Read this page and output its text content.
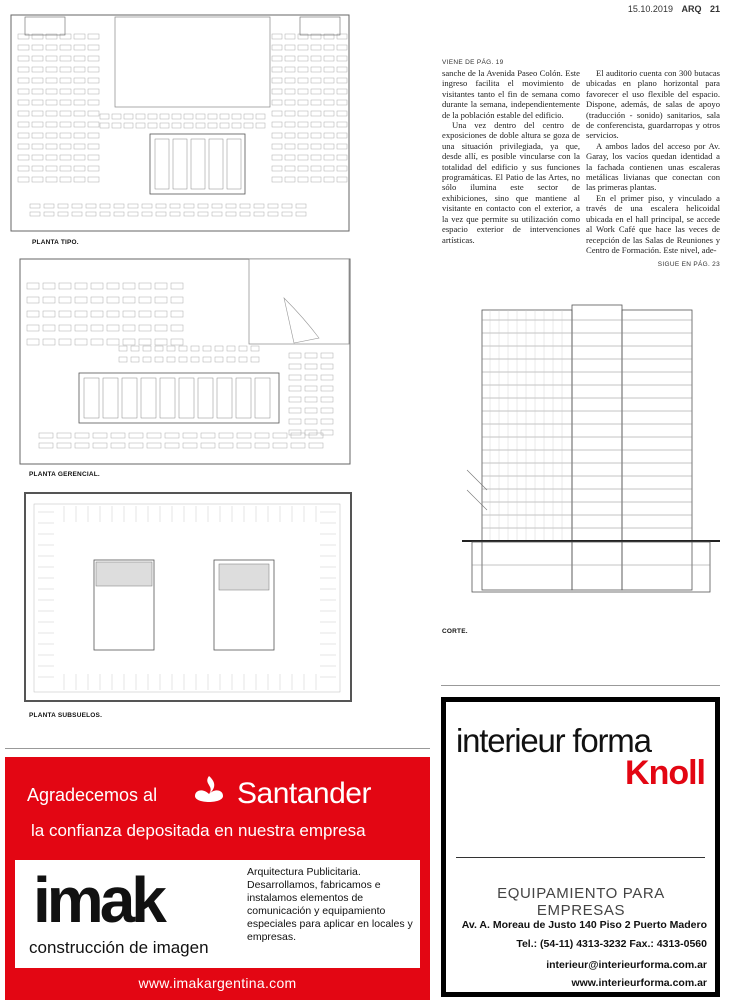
15.10.2019 ARQ 21
PLANTA TIPO.
PLANTA GERENCIAL.
PLANTA SUBSUELOS.
VIENE DE PÁG. 19

sanche de la Avenida Paseo Colón. Este ingreso facilita el movimiento de visitantes tanto el fin de semana como durante la semana, independientemente de la población estable del edificio.

Una vez dentro del centro de exposiciones de doble altura se goza de una situación privilegiada, ya que, desde allí, es posible vincularse con la totalidad del edificio y sus funciones programáticas. El Patio de las Artes, no sólo ilumina este sector de exhibiciones, sino que mantiene al visitante en contacto con el exterior, a la vez que permite su utilización como espacio exterior de intervenciones artísticas.

El auditorio cuenta con 300 butacas ubicadas en plano horizontal para favorecer el uso flexible del espacio. Dispone, además, de salas de apoyo (traducción - sonido) sanitarios, sala de conferencista, guardarropas y otros servicios.

A ambos lados del acceso por Av. Garay, los vacíos quedan identidad a la fachada contienen unas escaleras metálicas livianas que conectan con las primeras plantas.

En el primer piso, y vinculado a través de una escalera helicoidal ubicada en el hall principal, se accede al Work Café que hace las veces de recepción de las Salas de Reuniones y Centro de Formación. Este nivel, ade-

SIGUE EN PÁG. 23
CORTE.
Agradecemos al	Santander
la confianza depositada en nuestra empresa
imak
construcción de imagen
Arquitectura Publicitaria. Desarrollamos, fabricamos e instalamos elementos de comunicación y equipamiento especiales para aplicar en locales y empresas.
www.imakargentina.com
interieur forma
Knoll
EQUIPAMIENTO PARA EMPRESAS
Av. A. Moreau de Justo 140 Piso 2 Puerto Madero
Tel.: (54-11) 4313-3232 Fax.: 4313-0560
interieur@interieurforma.com.ar
www.interieurforma.com.ar
